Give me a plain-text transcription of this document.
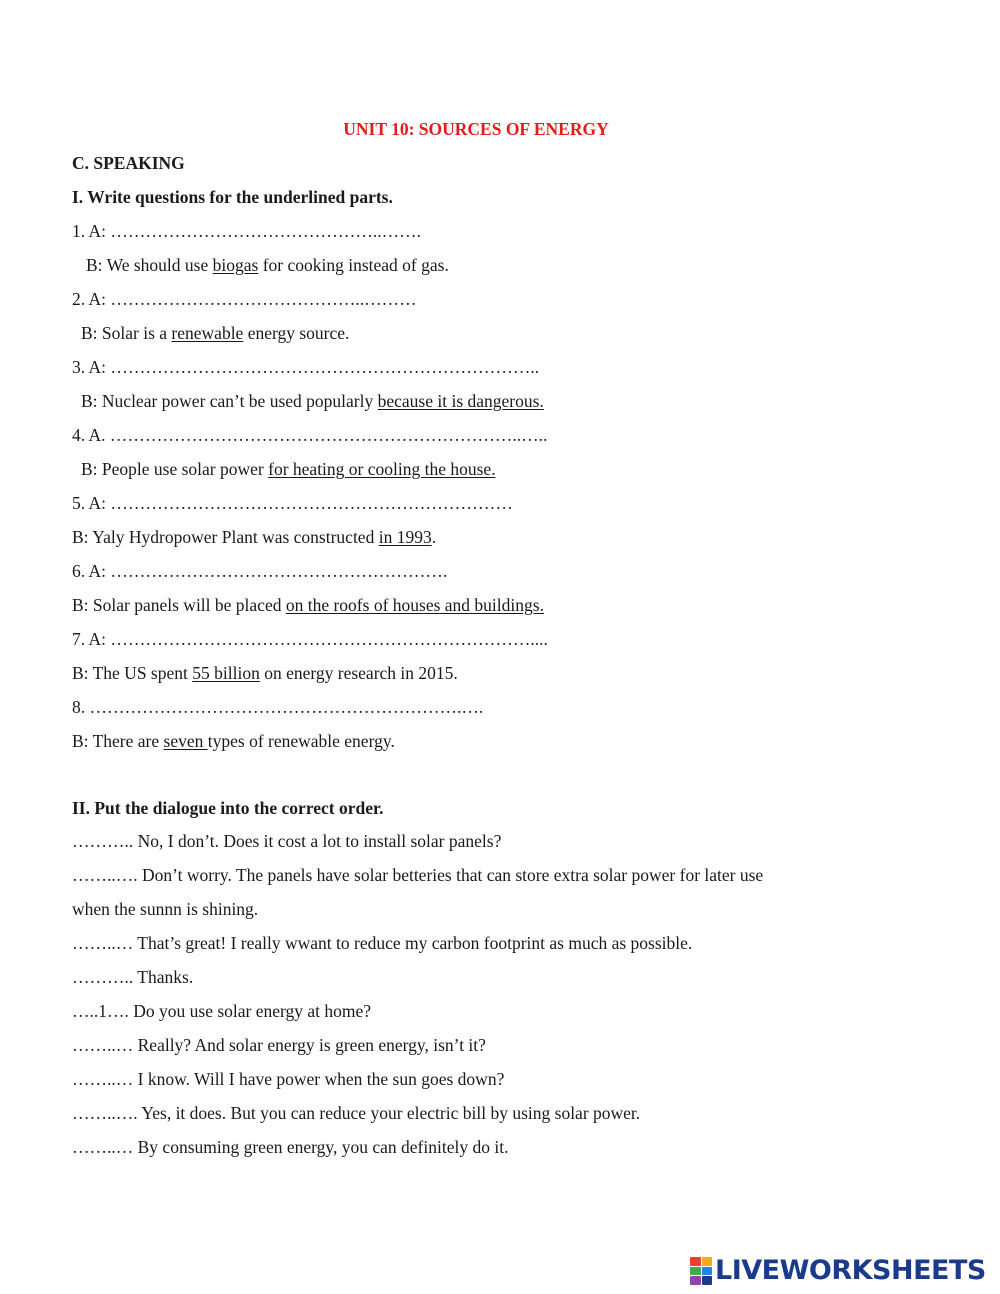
UNIT 10: SOURCES OF ENERGY
C. SPEAKING
I. Write questions for the underlined parts.
1. A: ………………………………………..…….
B: We should use biogas for cooking instead of gas.
2. A: ……………………………………..………
B: Solar is a renewable energy source.
3. A: ………………………………………………………………..
B: Nuclear power can’t be used popularly because it is dangerous.
4. A. ……………………………………………………………..…..
B: People use solar power for heating or cooling the house.
5. A: ……………………………………………………………
B: Yaly Hydropower Plant was constructed in 1993.
6. A: ………………………………………………….
B: Solar panels will be placed on the roofs of houses and buildings.
7. A: ………………………………………………………………....
B: The US spent 55 billion on energy research in 2015.
8. ……………………………………………………….….
B: There are seven types of renewable energy.
II. Put the dialogue into the correct order.
……….. No, I don’t. Does it cost a lot to install solar panels?
……..…. Don’t worry. The panels have solar betteries that can store extra solar power for later use
when the sunnn is shining.
……..… That’s great! I really wwant to reduce my carbon footprint as much as possible.
……….. Thanks.
…..1…. Do you use solar energy at home?
……..… Really? And solar energy is green energy, isn’t it?
……..… I know. Will I have power when the sun goes down?
……..…. Yes, it does. But you can reduce your electric bill by using solar power.
……..… By consuming green energy, you can definitely do it.
LIVEWORKSHEETS
